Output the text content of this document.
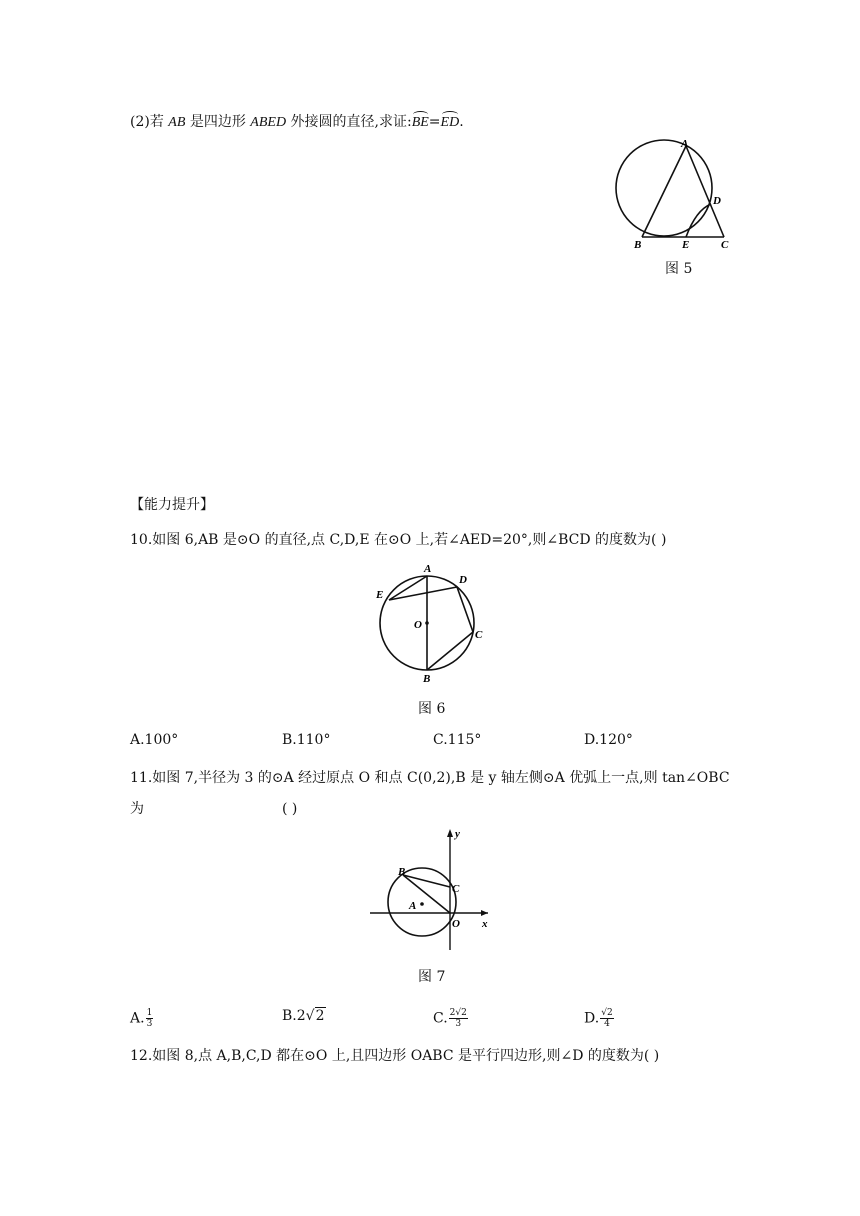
(2)若 AB 是四边形 ABED 外接圆的直径,求证:BE=ED.
A
B	C
D
E
图 5
【能力提升】
10.如图 6,AB 是⊙O 的直径,点 C,D,E 在⊙O 上,若∠AED=20°,则∠BCD 的度数为( )
A
B
C
D
E
O
图 6
A.100°	B.110°	C.115°	D.120°
11.如图 7,半径为 3 的⊙A 经过原点 O 和点 C(0,2),B 是 y 轴左侧⊙A 优弧上一点,则 tan∠OBC
为	( )
B
C
A
O x
y
图 7
A. $\frac{1}{3}$	B.2√2	C. $\frac{2√2}{3}$	D. $\frac{√2}{4}$
12.如图 8,点 A,B,C,D 都在⊙O 上,且四边形 OABC 是平行四边形,则∠D 的度数为( )
